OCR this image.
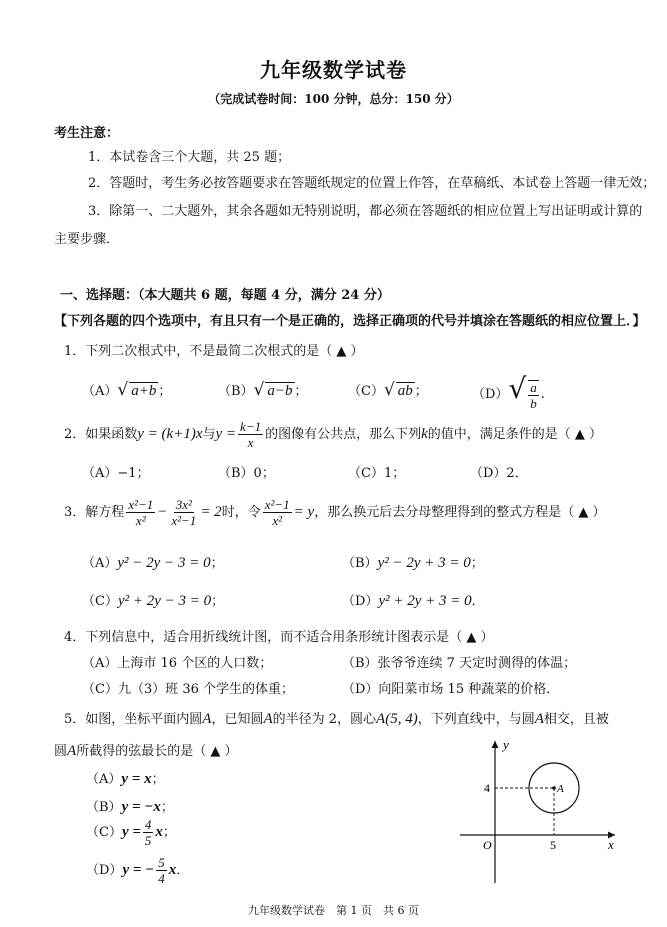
九年级数学试卷
（完成试卷时间：100 分钟，总分：150 分）
考生注意：
1．本试卷含三个大题，共 25 题；
2．答题时，考生务必按答题要求在答题纸规定的位置上作答，在草稿纸、本试卷上答题一律无效；
3．除第一、二大题外，其余各题如无特别说明，都必须在答题纸的相应位置上写出证明或计算的
主要步骤．
一、选择题：（本大题共 6 题，每题 4 分，满分 24 分）
【下列各题的四个选项中，有且只有一个是正确的，选择正确项的代号并填涂在答题纸的相应位置上．】
1．下列二次根式中，不是最简二次根式的是（ ▲ ）
（A）√ a+b ；	（B）√ a−b ；	（C）√ ab ；	$(D)√ \frac{a}{b}$ .
2．如果函数y = (k+1)x与$y = \frac{k-1}{x}$ 的图像有公共点，那么下列k的值中，满足条件的是（ ▲ ）
（A）−1；	（B）0；	（C）1；	（D）2．
3．解方程 $\frac{\text{x²−1}}{\text{x²}} - \frac{\text{3x²}}{\text{x²−1}} = 2$时，令 $\frac{\text{x²−1}}{\text{x²}} = y$，那么换元后去分母整理得到的整式方程是（ ▲ ）
（A）y² − 2y − 3 = 0；	（B）y² − 2y + 3 = 0；
（C）y² + 2y − 3 = 0；	（D）y² + 2y + 3 = 0．
4．下列信息中，适合用折线统计图，而不适合用条形统计图表示是（ ▲ ）
（A）上海市 16 个区的人口数；	（B）张爷爷连续 7 天定时测得的体温；
（C）九（3）班 36 个学生的体重；	（D）向阳菜市场 15 种蔬菜的价格．
5．如图，坐标平面内圆A，已知圆A的半径为 2，圆心A(5, 4)，下列直线中，与圆A相交，且被
圆A所截得的弦最长的是（ ▲ ）
（A）y = x；
（B）y = −x；
$(C)y = \frac{4}{5}$ x；
（D）y = − $\frac{5}{4}$ x．
A
y
x
O	5
4
九年级数学试卷　第 1 页　共 6 页
